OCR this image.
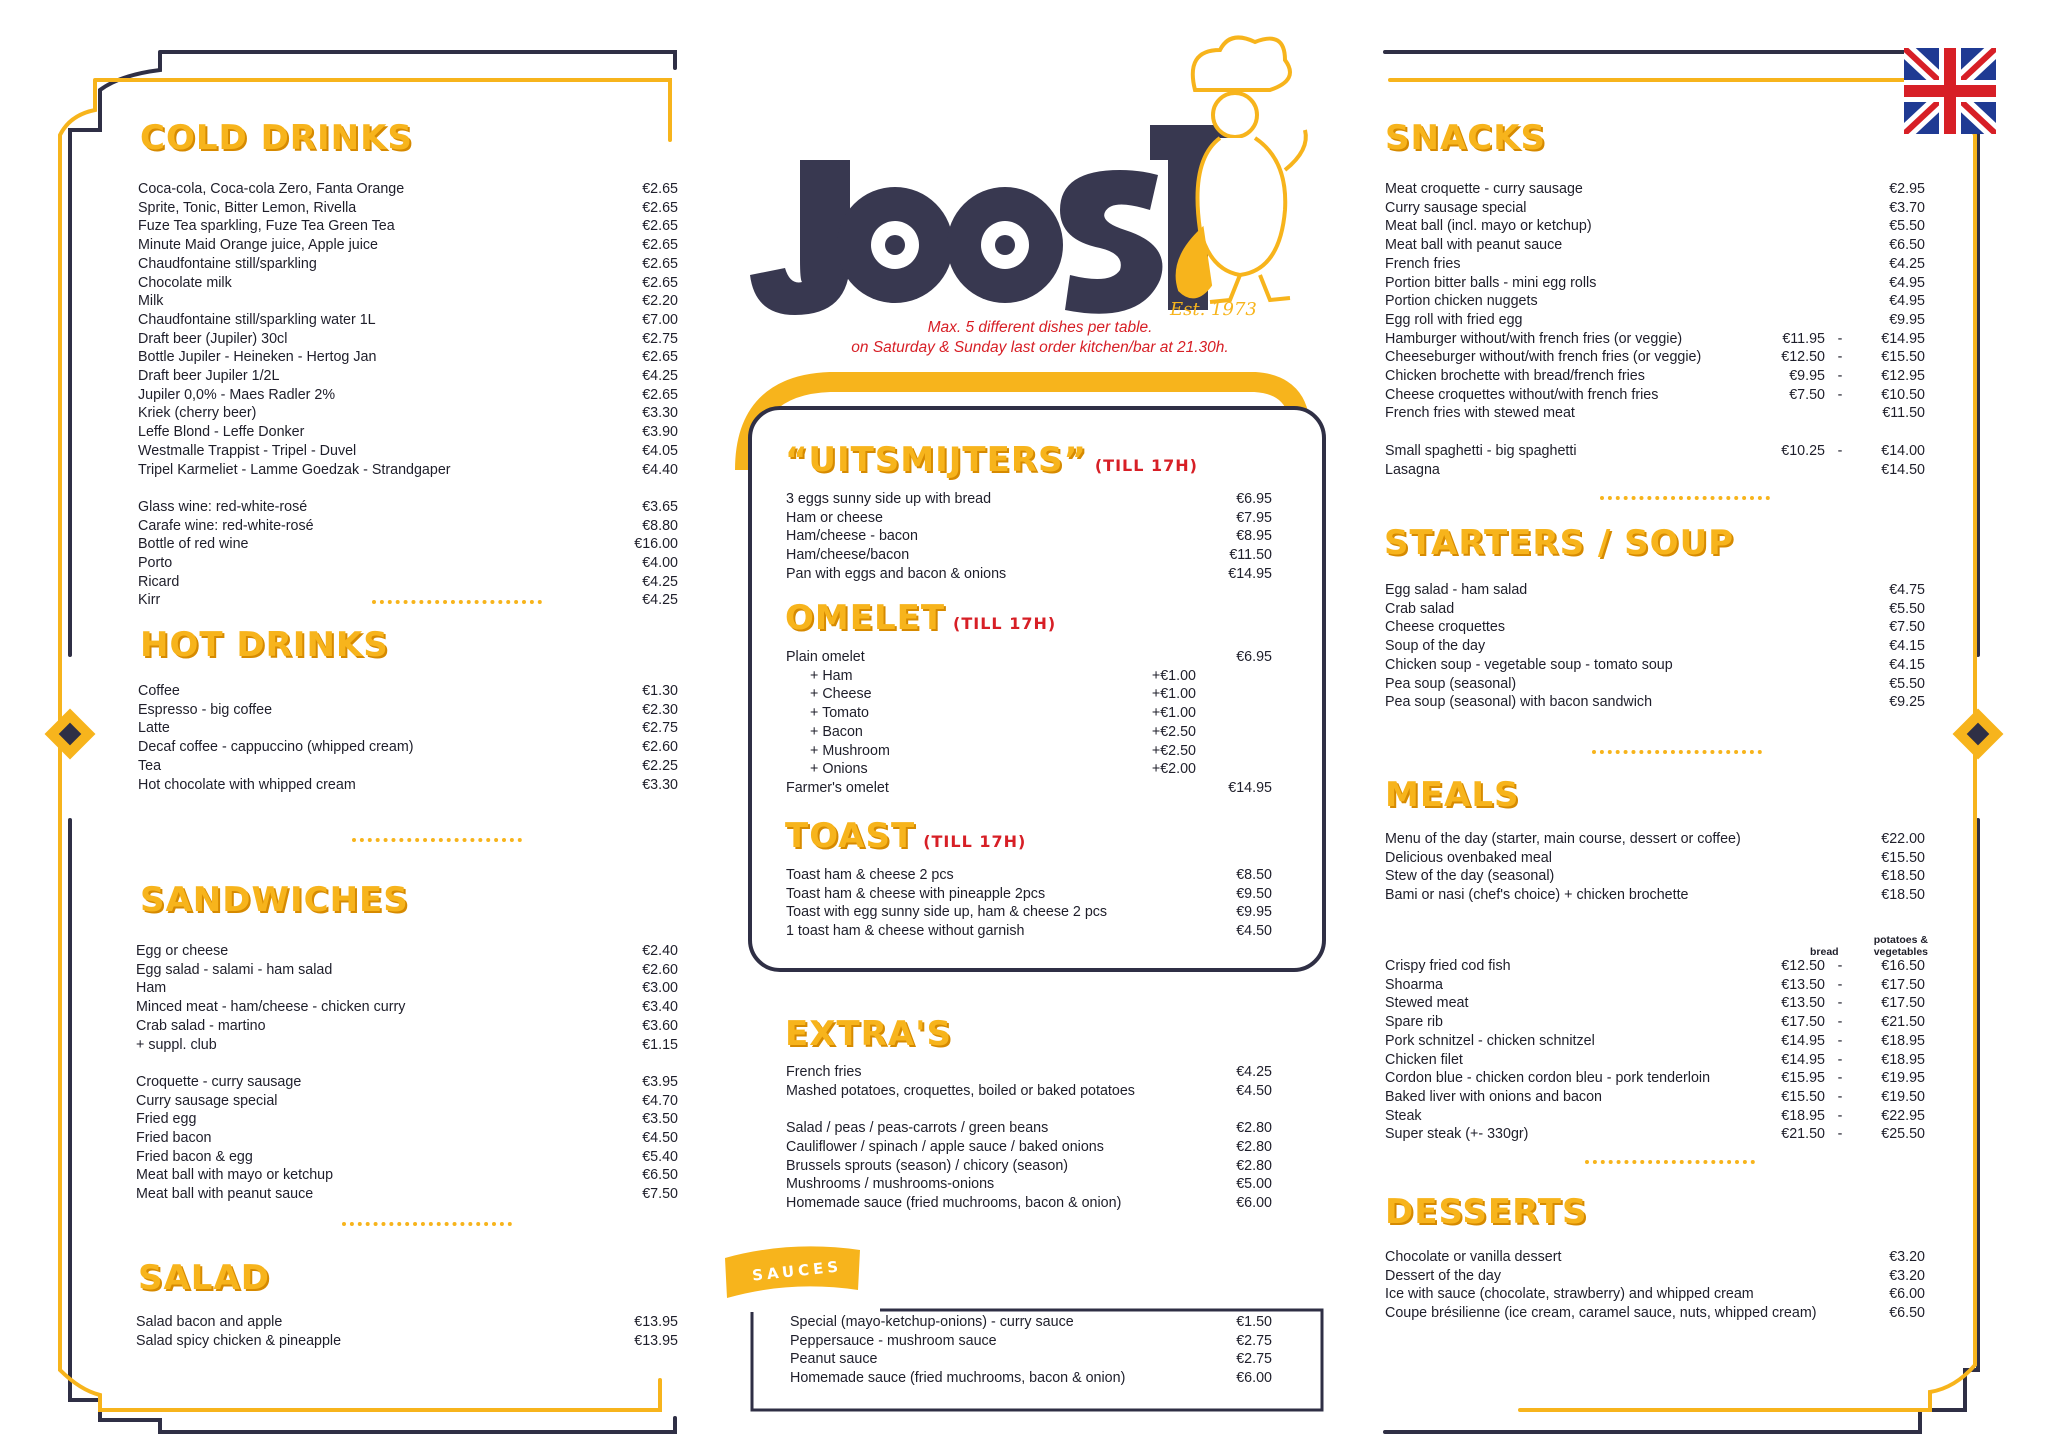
Est. 1973
Max. 5 different dishes per table.
on Saturday & Sunday last order kitchen/bar at 21.30h.
COLD DRINKS
Coca-cola, Coca-cola Zero, Fanta Orange	€2.65
Sprite, Tonic, Bitter Lemon, Rivella	€2.65
Fuze Tea sparkling, Fuze Tea Green Tea	€2.65
Minute Maid Orange juice, Apple juice	€2.65
Chaudfontaine still/sparkling	€2.65
Chocolate milk	€2.65
Milk	€2.20
Chaudfontaine still/sparkling water 1L	€7.00
Draft beer (Jupiler) 30cl	€2.75
Bottle Jupiler - Heineken - Hertog Jan	€2.65
Draft beer Jupiler 1/2L	€4.25
Jupiler 0,0% - Maes Radler 2%	€2.65
Kriek (cherry beer)	€3.30
Leffe Blond - Leffe Donker	€3.90
Westmalle Trappist - Tripel - Duvel	€4.05
Tripel Karmeliet - Lamme Goedzak - Strandgaper	€4.40
Glass wine: red-white-rosé	€3.65
Carafe wine: red-white-rosé	€8.80
Bottle of red wine	€16.00
Porto	€4.00
Ricard	€4.25
Kirr	€4.25
HOT DRINKS
Coffee	€1.30
Espresso - big coffee	€2.30
Latte	€2.75
Decaf coffee - cappuccino (whipped cream)	€2.60
Tea	€2.25
Hot chocolate with whipped cream	€3.30
SANDWICHES
Egg or cheese	€2.40
Egg salad - salami - ham salad	€2.60
Ham	€3.00
Minced meat - ham/cheese - chicken curry	€3.40
Crab salad - martino	€3.60
+ suppl. club	€1.15
Croquette - curry sausage	€3.95
Curry sausage special	€4.70
Fried egg	€3.50
Fried bacon	€4.50
Fried bacon & egg	€5.40
Meat ball with mayo or ketchup	€6.50
Meat ball with peanut sauce	€7.50
SALAD
Salad bacon and apple	€13.95
Salad spicy chicken & pineapple	€13.95
“UITSMIJTERS” (TILL 17H)
3 eggs sunny side up with bread	€6.95
Ham or cheese	€7.95
Ham/cheese - bacon	€8.95
Ham/cheese/bacon	€11.50
Pan with eggs and bacon & onions	€14.95
OMELET (TILL 17H)
Plain omelet	€6.95
+ Ham	+€1.00
+ Cheese	+€1.00
+ Tomato	+€1.00
+ Bacon	+€2.50
+ Mushroom	+€2.50
+ Onions	+€2.00
Farmer's omelet	€14.95
TOAST (TILL 17H)
Toast ham & cheese 2 pcs	€8.50
Toast ham & cheese with pineapple 2pcs	€9.50
Toast with egg sunny side up, ham & cheese 2 pcs	€9.95
1 toast ham & cheese without garnish	€4.50
EXTRA'S
French fries	€4.25
Mashed potatoes, croquettes, boiled or baked potatoes	€4.50
Salad / peas / peas-carrots / green beans	€2.80
Cauliflower / spinach / apple sauce / baked onions	€2.80
Brussels sprouts (season) / chicory (season)	€2.80
Mushrooms / mushrooms-onions	€5.00
Homemade sauce (fried muchrooms, bacon & onion)	€6.00
SAUCES
Special (mayo-ketchup-onions) - curry sauce	€1.50
Peppersauce - mushroom sauce	€2.75
Peanut sauce	€2.75
Homemade sauce (fried muchrooms, bacon & onion)	€6.00
SNACKS
Meat croquette - curry sausage	€2.95
Curry sausage special	€3.70
Meat ball (incl. mayo or ketchup)	€5.50
Meat ball with peanut sauce	€6.50
French fries	€4.25
Portion bitter balls - mini egg rolls	€4.95
Portion chicken nuggets	€4.95
Egg roll with fried egg	€9.95
Hamburger without/with french fries (or veggie)	€11.95 -	€14.95
Cheeseburger without/with french fries (or veggie)	€12.50 -	€15.50
Chicken brochette with bread/french fries	€9.95 -	€12.95
Cheese croquettes without/with french fries	€7.50 -	€10.50
French fries with stewed meat	€11.50
Small spaghetti - big spaghetti	€10.25 -	€14.00
Lasagna	€14.50
STARTERS / SOUP
Egg salad - ham salad	€4.75
Crab salad	€5.50
Cheese croquettes	€7.50
Soup of the day	€4.15
Chicken soup - vegetable soup - tomato soup	€4.15
Pea soup (seasonal)	€5.50
Pea soup (seasonal) with bacon sandwich	€9.25
MEALS
Menu of the day (starter, main course, dessert or coffee)	€22.00
Delicious ovenbaked meal	€15.50
Stew of the day (seasonal)	€18.50
Bami or nasi (chef's choice) + chicken brochette	€18.50
potatoes &
bread	vegetables
Crispy fried cod fish	€12.50 -	€16.50
Shoarma	€13.50 -	€17.50
Stewed meat	€13.50 -	€17.50
Spare rib	€17.50 -	€21.50
Pork schnitzel - chicken schnitzel	€14.95 -	€18.95
Chicken filet	€14.95 -	€18.95
Cordon blue - chicken cordon bleu - pork tenderloin	€15.95 -	€19.95
Baked liver with onions and bacon	€15.50 -	€19.50
Steak	€18.95 -	€22.95
Super steak (+- 330gr)	€21.50 -	€25.50
DESSERTS
Chocolate or vanilla dessert	€3.20
Dessert of the day	€3.20
Ice with sauce (chocolate, strawberry) and whipped cream	€6.00
Coupe brésilienne (ice cream, caramel sauce, nuts, whipped cream)	€6.50
